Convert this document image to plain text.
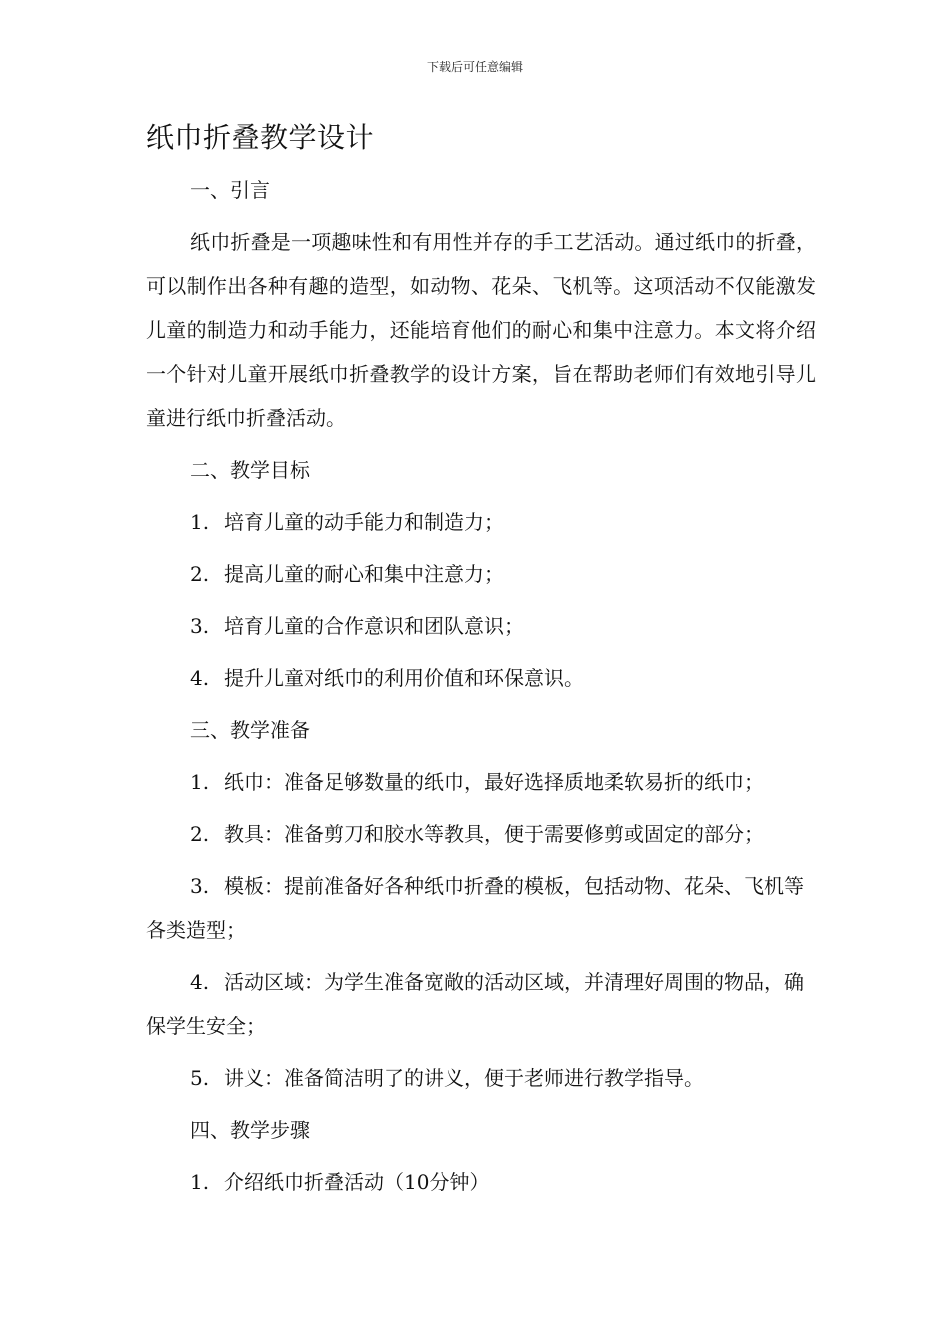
下载后可任意编辑
纸巾折叠教学设计

一、引言

纸巾折叠是一项趣味性和有用性并存的手工艺活动。通过纸巾的折叠，可以制作出各种有趣的造型，如动物、花朵、飞机等。这项活动不仅能激发儿童的制造力和动手能力，还能培育他们的耐心和集中注意力。本文将介绍一个针对儿童开展纸巾折叠教学的设计方案，旨在帮助老师们有效地引导儿童进行纸巾折叠活动。

二、教学目标

1. 培育儿童的动手能力和制造力；

2. 提高儿童的耐心和集中注意力；

3. 培育儿童的合作意识和团队意识；

4. 提升儿童对纸巾的利用价值和环保意识。

三、教学准备

1. 纸巾：准备足够数量的纸巾，最好选择质地柔软易折的纸巾；

2. 教具：准备剪刀和胶水等教具，便于需要修剪或固定的部分；

3. 模板：提前准备好各种纸巾折叠的模板，包括动物、花朵、飞机等各类造型；

4. 活动区域：为学生准备宽敞的活动区域，并清理好周围的物品，确保学生安全；

5. 讲义：准备简洁明了的讲义，便于老师进行教学指导。

四、教学步骤

1. 介绍纸巾折叠活动（10分钟）
